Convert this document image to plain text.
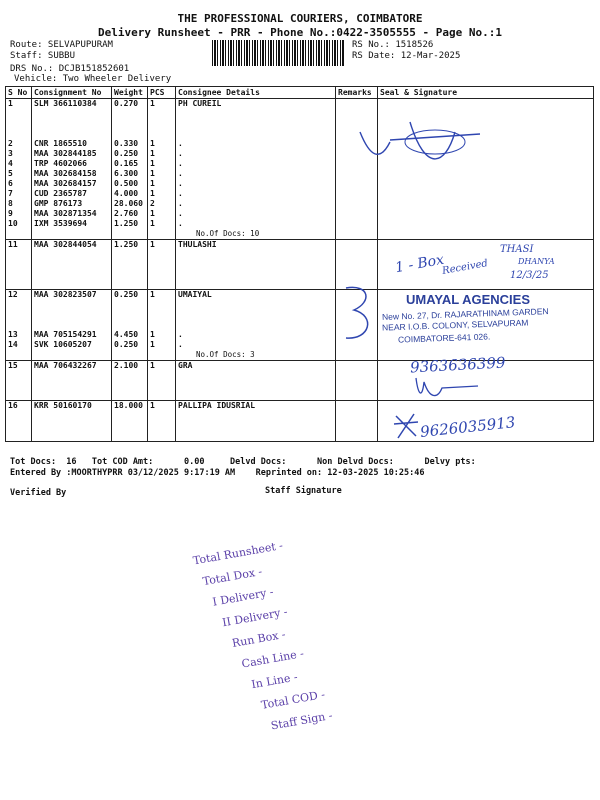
THE PROFESSIONAL COURIERS, COIMBATORE
Delivery Runsheet - PRR - Phone No.:0422-3505555 - Page No.:1
Route: SELVAPUPURAM
Staff: SUBBU
DRS No.: DCJB151852601
Vehicle: Two Wheeler Delivery
RS No.: 1518526
RS Date: 12-Mar-2025
S No	Consignment No	Weight	PCS	Consignee Details	Remarks	Seal & Signature
1	SLM 366110384	0.270	1	PH CUREIL		

2	CNR 1865510	0.330	1	.		
3	MAA 302844185	0.250	1	.		
4	TRP 4602066	0.165	1	.		
5	MAA 302684158	6.300	1	.		
6	MAA 302684157	0.500	1	.		
7	CUD 2365787	4.000	1	.		
8	GMP 876173	28.060	2	.		
9	MAA 302871354	2.760	1	.		
10	IXM 3539694	1.250	1	.		
				No.Of Docs: 10		
11	MAA 302844054	1.250	1	THULASHI		

12	MAA 302823507	0.250	1	UMAIYAL		

13	MAA 705154291	4.450	1	.		
14	SVK 10605207	0.250	1	.		
				No.Of Docs: 3		
15	MAA 706432267	2.100	1	GRA		

16	KRR 50160170	18.000	1	PALLIPA IDUSRIAL		

Tot Docs:  16   Tot COD Amt:      0.00     Delvd Docs:      Non Delvd Docs:      Delvy pts:
Entered By :MOORTHYPRR 03/12/2025 9:17:19 AM    Reprinted on: 12-03-2025 10:25:46
Verified By	Staff Signature
1 - Box
Received
THASI
DHANYA
12/3/25
UMAYAL AGENCIES
New No. 27, Dr. RAJARATHINAM GARDEN
NEAR I.O.B. COLONY, SELVAPURAM
COIMBATORE-641 026.
9363636399
9626035913
Total Runsheet -
Total Dox -
I Delivery -
II Delivery -
Run Box -
Cash Line -
In Line -
Total COD -
Staff Sign -
